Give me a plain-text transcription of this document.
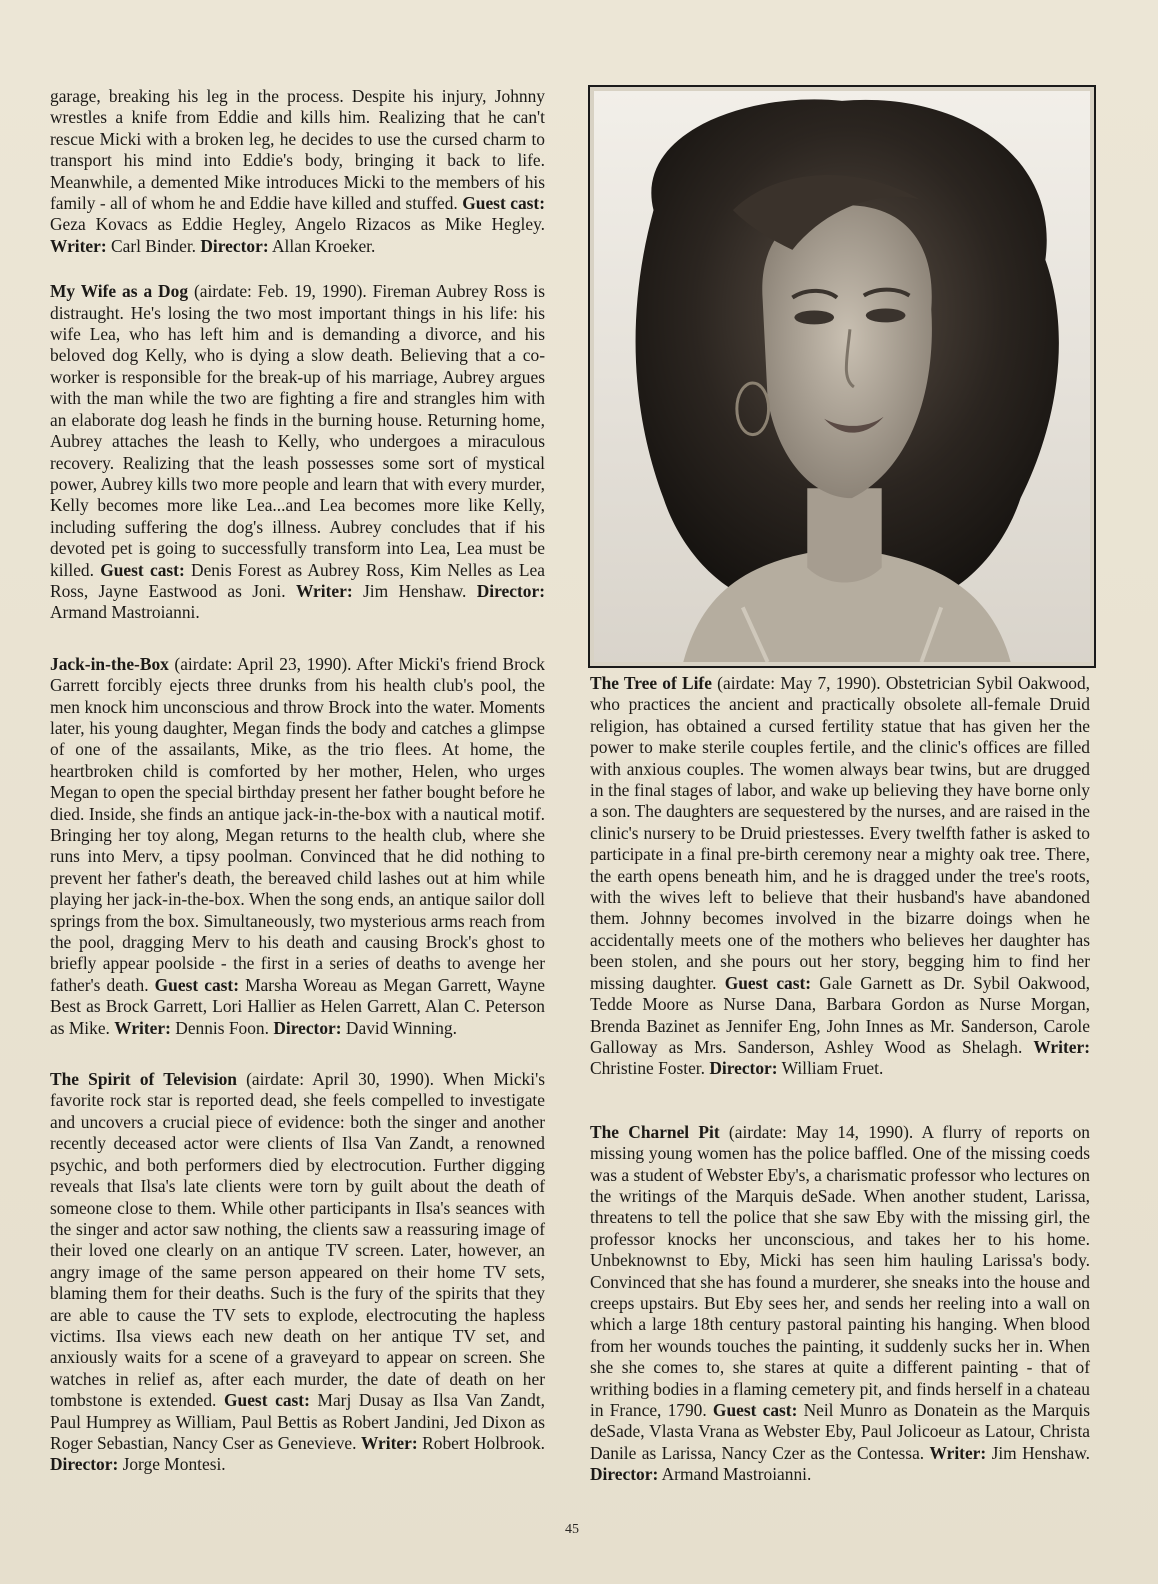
garage, breaking his leg in the process. Despite his injury, Johnny wrestles a knife from Eddie and kills him. Realizing that he can't rescue Micki with a broken leg, he decides to use the cursed charm to transport his mind into Eddie's body, bringing it back to life. Meanwhile, a demented Mike introduces Micki to the members of his family - all of whom he and Eddie have killed and stuffed. Guest cast: Geza Kovacs as Eddie Hegley, Angelo Rizacos as Mike Hegley. Writer: Carl Binder. Director: Allan Kroeker.

My Wife as a Dog (airdate: Feb. 19, 1990). Fireman Aubrey Ross is distraught. He's losing the two most important things in his life: his wife Lea, who has left him and is demanding a divorce, and his beloved dog Kelly, who is dying a slow death. Believing that a co-worker is responsible for the break-up of his marriage, Aubrey argues with the man while the two are fighting a fire and strangles him with an elaborate dog leash he finds in the burning house. Returning home, Aubrey attaches the leash to Kelly, who undergoes a miraculous recovery. Realizing that the leash possesses some sort of mystical power, Aubrey kills two more people and learn that with every murder, Kelly becomes more like Lea...and Lea becomes more like Kelly, including suffering the dog's illness. Aubrey concludes that if his devoted pet is going to successfully transform into Lea, Lea must be killed. Guest cast: Denis Forest as Aubrey Ross, Kim Nelles as Lea Ross, Jayne Eastwood as Joni. Writer: Jim Henshaw. Director: Armand Mastroianni.

Jack-in-the-Box (airdate: April 23, 1990). After Micki's friend Brock Garrett forcibly ejects three drunks from his health club's pool, the men knock him unconscious and throw Brock into the water. Moments later, his young daughter, Megan finds the body and catches a glimpse of one of the assailants, Mike, as the trio flees. At home, the heartbroken child is comforted by her mother, Helen, who urges Megan to open the special birthday present her father bought before he died. Inside, she finds an antique jack-in-the-box with a nautical motif. Bringing her toy along, Megan returns to the health club, where she runs into Merv, a tipsy poolman. Convinced that he did nothing to prevent her father's death, the bereaved child lashes out at him while playing her jack-in-the-box. When the song ends, an antique sailor doll springs from the box. Simultaneously, two mysterious arms reach from the pool, dragging Merv to his death and causing Brock's ghost to briefly appear poolside - the first in a series of deaths to avenge her father's death. Guest cast: Marsha Woreau as Megan Garrett, Wayne Best as Brock Garrett, Lori Hallier as Helen Garrett, Alan C. Peterson as Mike. Writer: Dennis Foon. Director: David Winning.

The Spirit of Television (airdate: April 30, 1990). When Micki's favorite rock star is reported dead, she feels compelled to investigate and uncovers a crucial piece of evidence: both the singer and another recently deceased actor were clients of Ilsa Van Zandt, a renowned psychic, and both performers died by electrocution. Further digging reveals that Ilsa's late clients were torn by guilt about the death of someone close to them. While other participants in Ilsa's seances with the singer and actor saw nothing, the clients saw a reassuring image of their loved one clearly on an antique TV screen. Later, however, an angry image of the same person appeared on their home TV sets, blaming them for their deaths. Such is the fury of the spirits that they are able to cause the TV sets to explode, electrocuting the hapless victims. Ilsa views each new death on her antique TV set, and anxiously waits for a scene of a graveyard to appear on screen. She watches in relief as, after each murder, the date of death on her tombstone is extended. Guest cast: Marj Dusay as Ilsa Van Zandt, Paul Humprey as William, Paul Bettis as Robert Jandini, Jed Dixon as Roger Sebastian, Nancy Cser as Genevieve. Writer: Robert Holbrook. Director: Jorge Montesi.

The Tree of Life (airdate: May 7, 1990). Obstetrician Sybil Oakwood, who practices the ancient and practically obsolete all-female Druid religion, has obtained a cursed fertility statue that has given her the power to make sterile couples fertile, and the clinic's offices are filled with anxious couples. The women always bear twins, but are drugged in the final stages of labor, and wake up believing they have borne only a son. The daughters are sequestered by the nurses, and are raised in the clinic's nursery to be Druid priestesses. Every twelfth father is asked to participate in a final pre-birth ceremony near a mighty oak tree. There, the earth opens beneath him, and he is dragged under the tree's roots, with the wives left to believe that their husband's have abandoned them. Johnny becomes involved in the bizarre doings when he accidentally meets one of the mothers who believes her daughter has been stolen, and she pours out her story, begging him to find her missing daughter. Guest cast: Gale Garnett as Dr. Sybil Oakwood, Tedde Moore as Nurse Dana, Barbara Gordon as Nurse Morgan, Brenda Bazinet as Jennifer Eng, John Innes as Mr. Sanderson, Carole Galloway as Mrs. Sanderson, Ashley Wood as Shelagh. Writer: Christine Foster. Director: William Fruet.

The Charnel Pit (airdate: May 14, 1990). A flurry of reports on missing young women has the police baffled. One of the missing coeds was a student of Webster Eby's, a charismatic professor who lectures on the writings of the Marquis deSade. When another student, Larissa, threatens to tell the police that she saw Eby with the missing girl, the professor knocks her unconscious, and takes her to his home. Unbeknownst to Eby, Micki has seen him hauling Larissa's body. Convinced that she has found a murderer, she sneaks into the house and creeps upstairs. But Eby sees her, and sends her reeling into a wall on which a large 18th century pastoral painting his hanging. When blood from her wounds touches the painting, it suddenly sucks her in. When she she comes to, she stares at quite a different painting - that of writhing bodies in a flaming cemetery pit, and finds herself in a chateau in France, 1790. Guest cast: Neil Munro as Donatein as the Marquis deSade, Vlasta Vrana as Webster Eby, Paul Jolicoeur as Latour, Christa Danile as Larissa, Nancy Czer as the Contessa. Writer: Jim Henshaw. Director: Armand Mastroianni.

45
